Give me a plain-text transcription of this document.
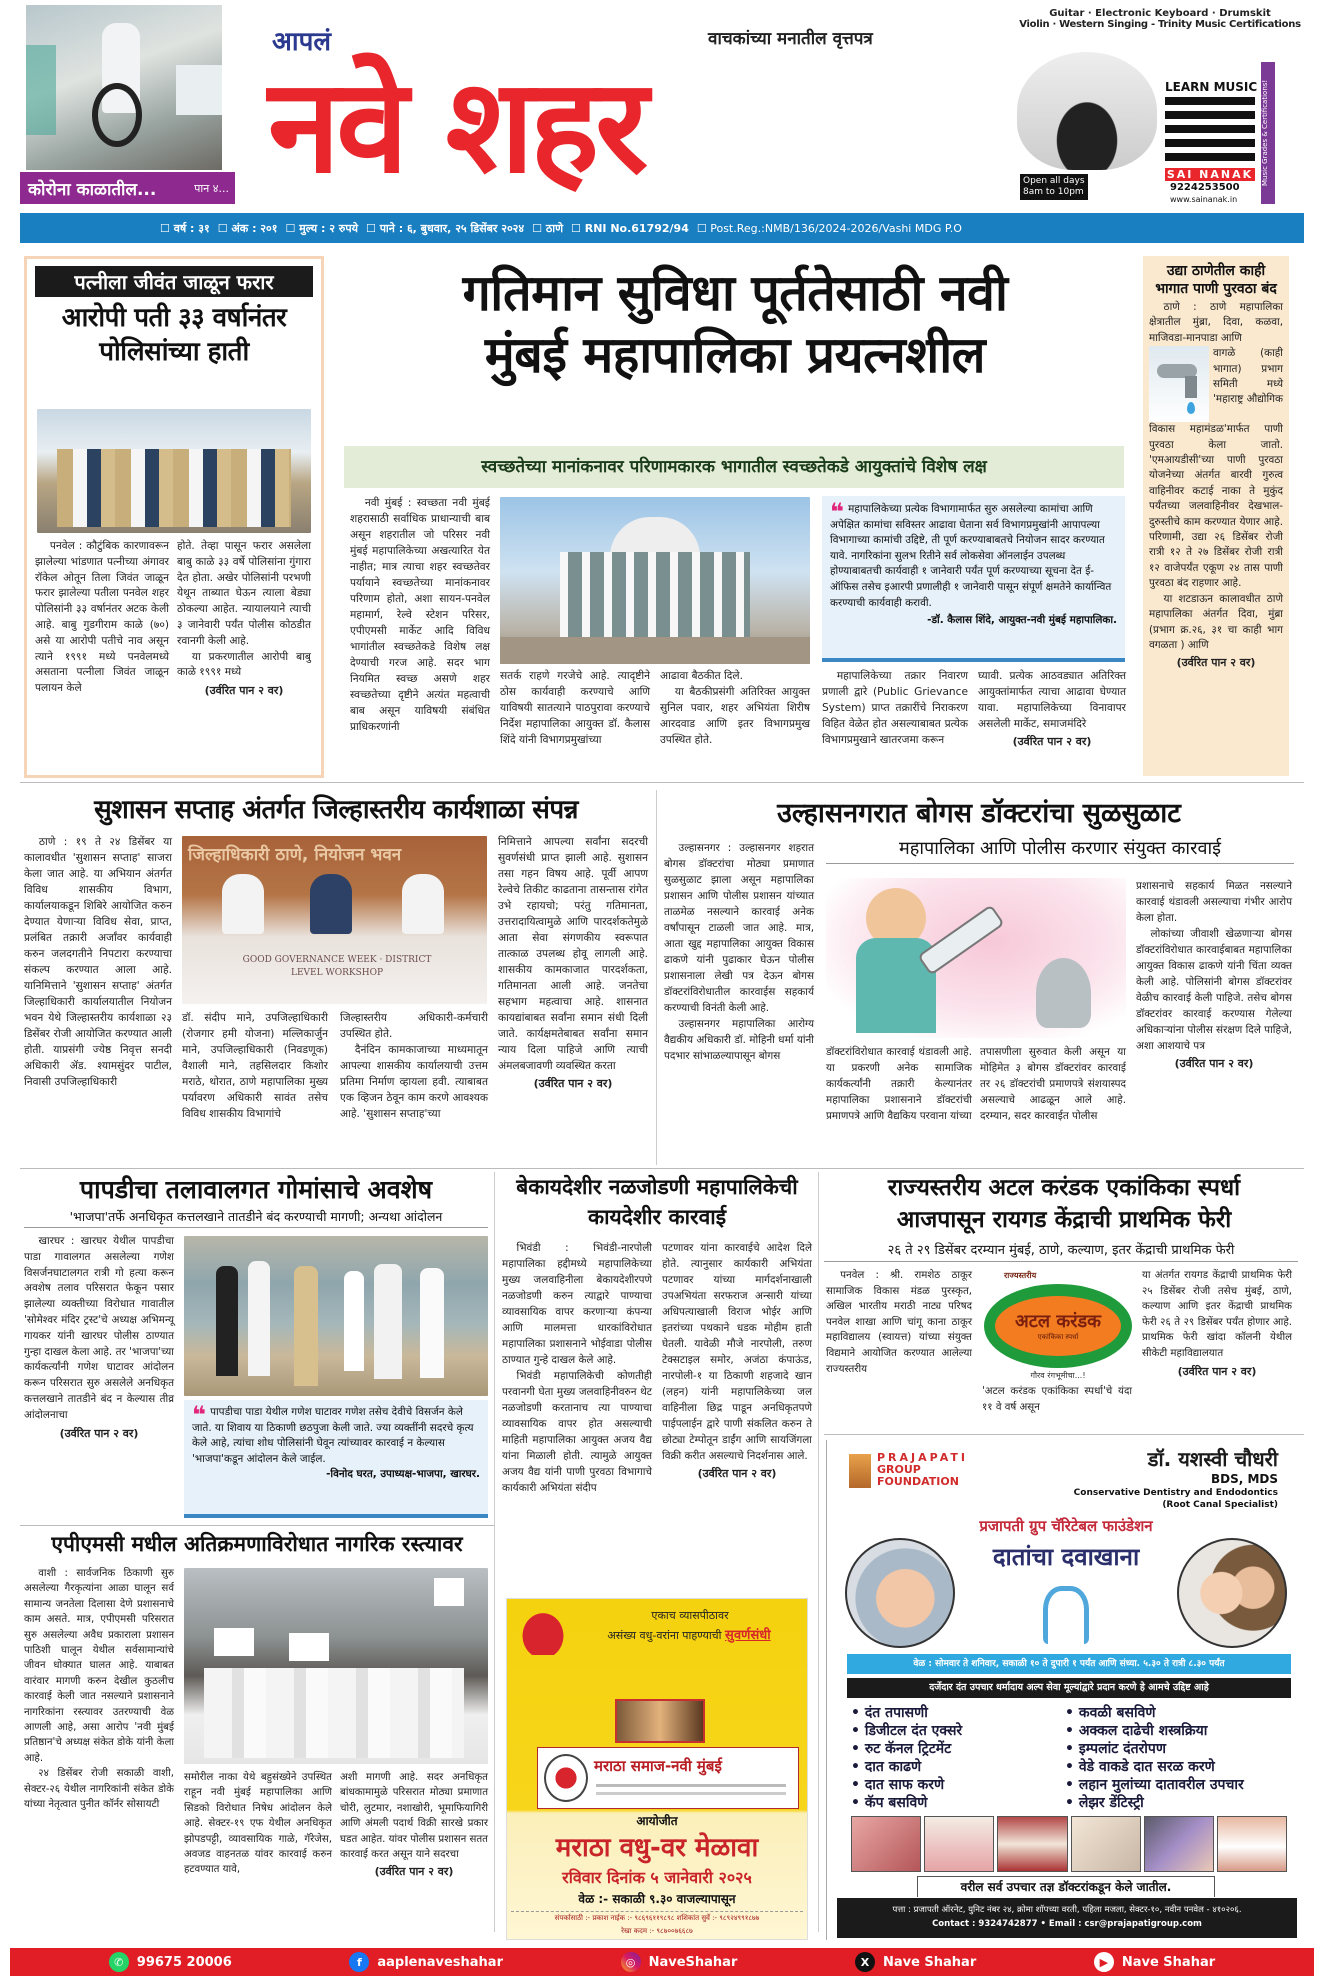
कोरोना काळातील...	पान ४...
आपलं	वाचकांच्या मनातील वृत्तपत्र
नवे शहर
Guitar · Electronic Keyboard · Drumskit
Violin · Western Singing - Trinity Music Certifications
Open all days
8am to 10pm
LEARN MUSIC
SAI NANAK
9224253500
www.sainanak.in
Music Grades & Certifications!
☐ वर्ष : ३१ ☐ अंक : २०१ ☐ मुल्य : २ रुपये ☐ पाने : ६, बुधवार, २५ डिसेंबर २०२४ ☐ ठाणे ☐ RNI No.61792/94 ☐ Post.Reg.:NMB/136/2024-2026/Vashi MDG P.O
पत्नीला जीवंत जाळून फरार
आरोपी पती ३३ वर्षानंतर पोलिसांच्या हाती

पनवेल : कौटुंबिक कारणावरून झालेल्या भांडणात पत्नीच्या अंगावर रॉकेल ओतून तिला जिवंत जाळून फरार झालेल्या पतीला पनवेल शहर पोलिसांनी ३३ वर्षानंतर अटक केली आहे. बाबु गुडगीराम काळे (७०) असे या आरोपी पतीचे नाव असून त्याने १९९१ मध्ये पनवेलमध्ये असताना पत्नीला जिवंत जाळून पलायन केले

होते. तेव्हा पासून फरार असलेला बाबु काळे ३३ वर्षे पोलिसांना गुंगारा देत होता. अखेर पोलिसांनी परभणी येथून ताब्यात घेऊन त्याला बेड्या ठोकल्या आहेत. न्यायालयाने त्याची ३ जानेवारी पर्यंत पोलीस कोठडीत रवानगी केली आहे.

या प्रकरणातील आरोपी बाबु काळे १९९१ मध्ये

(उर्वरित पान २ वर)
गतिमान सुविधा पूर्ततेसाठी नवी
मुंबई महापालिका प्रयत्नशील
स्वच्छतेच्या मानांकनावर परिणामकारक भागातील स्वच्छतेकडे आयुक्तांचे विशेष लक्ष

नवी मुंबई : स्वच्छता नवी मुंबई शहरासाठी सर्वाधिक प्राधान्याची बाब असून शहरातील जो परिसर नवी मुंबई महापालिकेच्या अखत्यारित येत नाहीत; मात्र त्याचा शहर स्वच्छतेवर पर्यायाने स्वच्छतेच्या मानांकनावर परिणाम होतो, अशा सायन-पनवेल महामार्ग, रेल्वे स्टेशन परिसर, एपीएमसी मार्केट आदि विविध भागांतील स्वच्छतेकडे विशेष लक्ष देण्याची गरज आहे. सदर भाग नियमित स्वच्छ असणे शहर स्वच्छतेच्या दृष्टीने अत्यंत महत्वाची बाब असून याविषयी संबंधित प्राधिकरणांनी

सतर्क राहणे गरजेचे आहे. त्यादृष्टीने ठोस कार्यवाही करण्याचे आणि याविषयी सातत्याने पाठपुरावा करण्याचे निर्देश महापालिका आयुक्त डॉ. कैलास शिंदे यांनी विभागप्रमुखांच्या
आढावा बैठकीत दिले.

या बैठकीप्रसंगी अतिरिक्त आयुक्त सुनिल पवार, शहर अभियंता शिरीष आरदवाड आणि इतर विभागप्रमुख उपस्थित होते.

❝ महापालिकेच्या प्रत्येक विभागामार्फत सुरु असलेल्या कामांचा आणि अपेक्षित कामांचा सविस्तर आढावा घेताना सर्व विभागप्रमुखांनी आपापल्या विभागाच्या कामांची उद्दिष्टे, ती पूर्ण करण्याबाबतचे नियोजन सादर करण्यात यावे. नागरिकांना सुलभ रितीने सर्व लोकसेवा ऑनलाईन उपलब्ध होण्याबाबतची कार्यवाही १ जानेवारी पर्यंत पूर्ण करण्याच्या सूचना देत ई-ऑफिस तसेच इआरपी प्रणालीही १ जानेवारी पासून संपूर्ण क्षमतेने कार्यान्वित करण्याची कार्यवाही करावी.
-डॉ. कैलास शिंदे, आयुक्त-नवी मुंबई महापालिका.

महापालिकेच्या तक्रार निवारण प्रणाली द्वारे (Public Grievance System) प्राप्त तक्रारींचे निराकरण विहित वेळेत होत असल्याबाबत प्रत्येक विभागप्रमुखाने खातरजमा करून

घ्यावी. प्रत्येक आठवड्यात अतिरिक्त आयुक्तांमार्फत त्याचा आढावा घेण्यात यावा. महापालिकेच्या विनावापर असलेली मार्केट, समाजमंदिरे
(उर्वरित पान २ वर)
उद्या ठाणेतील काही भागात पाणी पुरवठा बंद

ठाणे : ठाणे महापालिका क्षेत्रातील मुंब्रा, दिवा, कळवा, माजिवडा-मानपाडा आणि

वागळे (काही भागात) प्रभाग समिती मध्ये 'महाराष्ट्र औद्योगिक
विकास महामंडळ'मार्फत पाणी पुरवठा केला जातो. 'एमआयडीसी'च्या पाणी पुरवठा योजनेच्या अंतर्गत बारवी गुरुत्व वाहिनीवर कटाई नाका ते मुकुंद पर्यंतच्या जलवाहिनीवर देखभाल-दुरुस्तीचे काम करण्यात येणार आहे. परिणामी, उद्या २६ डिसेंबर रोजी रात्री १२ ते २७ डिसेंबर रोजी रात्री १२ वाजेपर्यंत एकूण २४ तास पाणी पुरवठा बंद राहणार आहे.

या शटडाऊन कालावधीत ठाणे महापालिका अंतर्गत दिवा, मुंब्रा (प्रभाग क्र.२६, ३१ चा काही भाग वगळता ) आणि

(उर्वरित पान २ वर)
सुशासन सप्ताह अंतर्गत जिल्हास्तरीय कार्यशाळा संपन्न

ठाणे : १९ ते २४ डिसेंबर या कालावधीत 'सुशासन सप्ताह' साजरा केला जात आहे. या अभियान अंतर्गत विविध शासकीय विभाग, कार्यालयाकडून शिबिरे आयोजित करुन देण्यात येणाऱ्या विविध सेवा, प्राप्त, प्रलंबित तक्रारी अर्जांवर कार्यवाही करुन जलदगतीने निपटारा करण्याचा संकल्प करण्यात आला आहे. यानिमित्ताने 'सुशासन सप्ताह' अंतर्गत जिल्हाधिकारी कार्यालयातील नियोजन भवन येथे जिल्हास्तरीय कार्यशाळा २३ डिसेंबर रोजी आयोजित करण्यात आली होती. याप्रसंगी ज्येष्ठ निवृत्त सनदी अधिकारी ॲड. श्यामसुंदर पाटील, निवासी उपजिल्हाधिकारी

जिल्हाधिकारी ठाणे, नियोजन भवन
GOOD GOVERNANCE WEEK · DISTRICT LEVEL WORKSHOP
डॉ. संदीप माने, उपजिल्हाधिकारी (रोजगार हमी योजना) मल्लिकार्जुन माने, उपजिल्हाधिकारी (निवडणूक) वैशाली माने, तहसिलदार किशोर मराठे, थोरात, ठाणे महापालिका मुख्य पर्यावरण अधिकारी सावंत तसेच विविध शासकीय विभागांचे
जिल्हास्तरीय अधिकारी-कर्मचारी उपस्थित होते.

दैनंदिन कामकाजाच्या माध्यमातून आपल्या शासकीय कार्यालयाची उत्तम प्रतिमा निर्माण व्हायला हवी. त्याबाबत एक व्हिजन ठेवून काम करणे आवश्यक आहे. 'सुशासन सप्ताह'च्या

निमित्ताने आपल्या सर्वांना सदरची सुवर्णसंधी प्राप्त झाली आहे. सुशासन तसा गहन विषय आहे. पूर्वी आपण रेल्वेचे तिकीट काढताना तासन्तास रांगेत उभे रहायचो; परंतु गतिमानता, उत्तरादायित्वामुळे आणि पारदर्शकतेमुळे आता सेवा संगणकीय स्वरूपात तात्काळ उपलब्ध होवू लागली आहे. शासकीय कामकाजात पारदर्शकता, गतिमानता आली आहे. जनतेचा सहभाग महत्वाचा आहे. शासनात कायद्यांबाबत सर्वांना समान संधी दिली जाते. कार्यक्षमतेबाबत सर्वांना समान न्याय दिला पाहिजे आणि त्याची अंमलबजावणी व्यवस्थित करता
(उर्वरित पान २ वर)
उल्हासनगरात बोगस डॉक्टरांचा सुळसुळाट
महापालिका आणि पोलीस करणार संयुक्त कारवाई

उल्हासनगर : उल्हासनगर शहरात बोगस डॉक्टरांचा मोठ्या प्रमाणात सुळसुळाट झाला असून महापालिका प्रशासन आणि पोलीस प्रशासन यांच्यात ताळमेळ नसल्याने कारवाई अनेक वर्षांपासून टाळली जात आहे. मात्र, आता खुद्द महापालिका आयुक्त विकास ढाकणे यांनी पुढाकार घेऊन पोलीस प्रशासनाला लेखी पत्र देऊन बोगस डॉक्टरांविरोधातील कारवाईस सहकार्य करण्याची विनंती केली आहे.

उल्हासनगर महापालिका आरोग्य वैद्यकीय अधिकारी डॉ. मोहिनी धर्मा यांनी पदभार सांभाळल्यापासून बोगस	डॉक्टरांविरोधात कारवाई थंडावली आहे. या प्रकरणी अनेक सामाजिक कार्यकर्त्यांनी तक्रारी केल्यानंतर महापालिका प्रशासनाने डॉक्टरांची प्रमाणपत्रे आणि वैद्यकिय परवाना यांच्या
तपासणीला सुरुवात केली असून या मोहिमेत ३ बोगस डॉक्टरांवर कारवाई तर २६ डॉक्टरांची प्रमाणपत्रे संशयास्पद असल्याचे आढळून आले आहे. दरम्यान, सदर कारवाईत पोलीस
प्रशासनाचे सहकार्य मिळत नसल्याने कारवाई थंडावली असल्याचा गंभीर आरोप केला होता.

लोकांच्या जीवाशी खेळणाऱ्या बोगस डॉक्टरांविरोधात कारवाईबाबत महापालिका आयुक्त विकास ढाकणे यांनी चिंता व्यक्त केली आहे. पोलिसांनी बोगस डॉक्टरांवर वेळीच कारवाई केली पाहिजे. तसेच बोगस डॉक्टरांवर कारवाई करण्यास गेलेल्या अधिकाऱ्यांना पोलीस संरक्षण दिले पाहिजे, अशा आशयाचे पत्र

(उर्वरित पान २ वर)
पापडीचा तलावालगत गोमांसाचे अवशेष
'भाजपा'तर्फे अनधिकृत कत्तलखाने तातडीने बंद करण्याची मागणी; अन्यथा आंदोलन

खारघर : खारघर येथील पापडीचा पाडा गावालगत असलेल्या गणेश विसर्जनघाटालगत रात्री गो हत्या करून अवशेष तलाव परिसरात फेकून पसार झालेल्या व्यक्तीच्या विरोधात गावातील 'सोमेश्वर मंदिर ट्रस्ट'चे अध्यक्ष अभिमन्यू गायकर यांनी खारघर पोलीस ठाण्यात गुन्हा दाखल केला आहे. तर 'भाजपा'च्या कार्यकर्त्यांनी गणेश घाटावर आंदोलन करून परिसरात सुरु असलेले अनधिकृत कत्तलखाने तातडीने बंद न केल्यास तीव्र आंदोलनाचा

(उर्वरित पान २ वर)
❝ पापडीचा पाडा येथील गणेश घाटावर गणेश तसेच देवीचे विसर्जन केले जाते. या शिवाय या ठिकाणी छठपुजा केली जाते. ज्या व्यक्तींनी सदरचे कृत्य केले आहे, त्यांचा शोध पोलिसांनी घेवून त्यांच्यावर कारवाई न केल्यास 'भाजपा'कडून आंदोलन केले जाईल.
-विनोद घरत, उपाध्यक्ष-भाजपा, खारघर.
बेकायदेशीर नळजोडणी महापालिकेची कायदेशीर कारवाई

भिवंडी : भिवंडी-नारपोली महापालिका हद्दीमध्ये महापालिकेच्या मुख्य जलवाहिनीला बेकायदेशीरपणे नळजोडणी करुन त्याद्वारे पाण्याचा व्यावसायिक वापर करणाऱ्या कंपन्या आणि मालमत्ता धारकांविरोधात महापालिका प्रशासनाने भोईवाडा पोलीस ठाण्यात गुन्हे दाखल केले आहे.

भिवंडी महापालिकेची कोणतीही परवानगी घेता मुख्य जलवाहिनीवरुन थेट नळजोडणी करतानाच त्या पाण्याचा व्यावसायिक वापर होत असल्याची माहिती महापालिका आयुक्त अजय वैद्य यांना मिळाली होती. त्यामुळे आयुक्त अजय वैद्य यांनी पाणी पुरवठा विभागाचे कार्यकारी अभियंता संदीप

पटणावर यांना कारवाईचे आदेश दिले होते. त्यानुसार कार्यकारी अभियंता पटणावर यांच्या मार्गदर्शनाखाली उपअभियंता सरफराज अन्सारी यांच्या अधिपत्याखाली विराज भोईर आणि इतरांच्या पथकाने धडक मोहीम हाती घेतली. यावेळी मौजे नारपोली, तरुण टेक्सटाइल समोर, अजंठा कंपाऊंड, नारपोली-१ या ठिकाणी शहजादे खान (लहन) यांनी महापालिकेच्या जल वाहिनीला छिद्र पाडून अनधिकृतपणे पाईपलाईन द्वारे पाणी संकलित करुन ते छोट्या टेम्पोतून डाईंग आणि सायजिंगला विक्री करीत असल्याचे निदर्शनास आले.
(उर्वरित पान २ वर)
राज्यस्तरीय अटल करंडक एकांकिका स्पर्धा
आजपासून रायगड केंद्राची प्राथमिक फेरी
२६ ते २९ डिसेंबर दरम्यान मुंबई, ठाणे, कल्याण, इतर केंद्राची प्राथमिक फेरी

पनवेल : श्री. रामशेठ ठाकूर सामाजिक विकास मंडळ पुरस्कृत, अखिल भारतीय मराठी नाट्य परिषद पनवेल शाखा आणि चांगू काना ठाकूर महाविद्यालय (स्वायत्त) यांच्या संयुक्त विद्यमाने आयोजित करण्यात आलेल्या राज्यस्तरीय

राज्यस्तरीय
अटल करंडक
एकांकिका स्पर्धा
गौरव रंगभूमीचा...!
'अटल करंडक एकांकिका स्पर्धा'चे यंदा ११ वे वर्ष असून
या अंतर्गत रायगड केंद्राची प्राथमिक फेरी २५ डिसेंबर रोजी तसेच मुंबई, ठाणे, कल्याण आणि इतर केंद्राची प्राथमिक फेरी २६ ते २९ डिसेंबर पर्यंत होणार आहे. प्राथमिक फेरी खांदा कॉलनी येथील सीकेटी महाविद्यालयात
(उर्वरित पान २ वर)
एपीएमसी मधील अतिक्रमणाविरोधात नागरिक रस्त्यावर

वाशी : सार्वजनिक ठिकाणी सुरु असलेल्या गैरकृत्यांना आळा घालून सर्व सामान्य जनतेला दिलासा देणे प्रशासनाचे काम असते. मात्र, एपीएमसी परिसरात सुरु असलेल्या अवैध प्रकाराला प्रशासन पाठिशी घालून येथील सर्वसामान्यांचे जीवन धोक्यात घालत आहे. याबाबत वारंवार मागणी करुन देखील कुठलीच कारवाई केली जात नसल्याने प्रशासनाने नागरिकांना रस्त्यावर उतरण्याची वेळ आणली आहे, असा आरोप 'नवी मुंबई प्रतिष्ठान'चे अध्यक्ष संकेत डोके यांनी केला आहे.

२४ डिसेंबर रोजी सकाळी वाशी, सेक्टर-२६ येथील नागरिकांनी संकेत डोके यांच्या नेतृत्वात पुनीत कॉर्नर सोसायटी

समोरील नाका येथे बहुसंख्येने उपस्थित राहून नवी मुंबई महापालिका आणि सिडको विरोधात निषेध आंदोलन केले आहे. सेक्टर-१९ एफ येथील अनधिकृत झोपडपट्टी, व्यावसायिक गाळे, गॅरेजेस, अवजड वाहनतळ यांवर कारवाई करुन हटवण्यात यावे,
अशी मागणी आहे. सदर अनधिकृत बांधकामामुळे परिसरात मोठ्या प्रमाणात चोरी, लुटमार, नशाखोरी, भूमाफियागिरी आणि अंमली पदार्थ विक्री सारखे प्रकार घडत आहेत. यांवर पोलीस प्रशासन सतत कारवाई करत असून याने सदरचा
(उर्वरित पान २ वर)
एकाच व्यासपीठावर
असंख्य वधु-वरांना पाहण्याची सुवर्णसंधी
मराठा समाज-नवी मुंबई
आयोजीत
मराठा वधु-वर मेळावा
रविवार दिनांक ५ जानेवारी २०२५
वेळ :- सकाळी ९.३० वाजल्यापासून
संपर्कासाठी :- प्रकाश नाईक :- ९८६९६११९८९८ शशिकांत सुर्वे :- ९८९२४९९१८७७
रेखा कदम :- ९८७००७६६८७
PRAJAPATI
GROUP
FOUNDATION
डॉ. यशस्वी चौधरी
BDS, MDS
Conservative Dentistry and Endodontics
(Root Canal Specialist)
प्रजापती ग्रुप चॅरिटेबल फाउंडेशन
दातांचा दवाखाना
वेळ : सोमवार ते शनिवार, सकाळी १० ते दुपारी १ पर्यंत आणि संध्या. ५.३० ते रात्री ८.३० पर्यंत
दर्जेदार दंत उपचार धर्मादाय अल्प सेवा मूल्यांद्वारे प्रदान करणे हे आमचे उद्दिष्ट आहे
• दंत तपासणी
• डिजीटल दंत एक्सरे
• रुट कॅनल ट्रिटमेंट
• दात काढणे
• दात साफ करणे
• कॅप बसविणे
• कवळी बसविणे
• अक्कल दाढेची शस्त्रक्रिया
• इम्पलांट दंतरोपण
• वेडे वाकडे दात सरळ करणे
• लहान मुलांच्या दातावरील उपचार
• लेझर डेंटिस्ट्री
वरील सर्व उपचार तज्ञ डॉक्टरांकडून केले जातील.
पत्ता : प्रजापती ऑरनेट, युनिट नंबर २४, क्रोमा शॉपच्या वरती, पहिला मजला, सेक्टर-१०, नवीन पनवेल - ४१०२०६.
Contact : 9324742877 • Email : csr@prajapatigroup.com
✆	99675 20006	f	aaplenaveshahar	◎	NaveShahar	X	Nave Shahar	▶	Nave Shahar
